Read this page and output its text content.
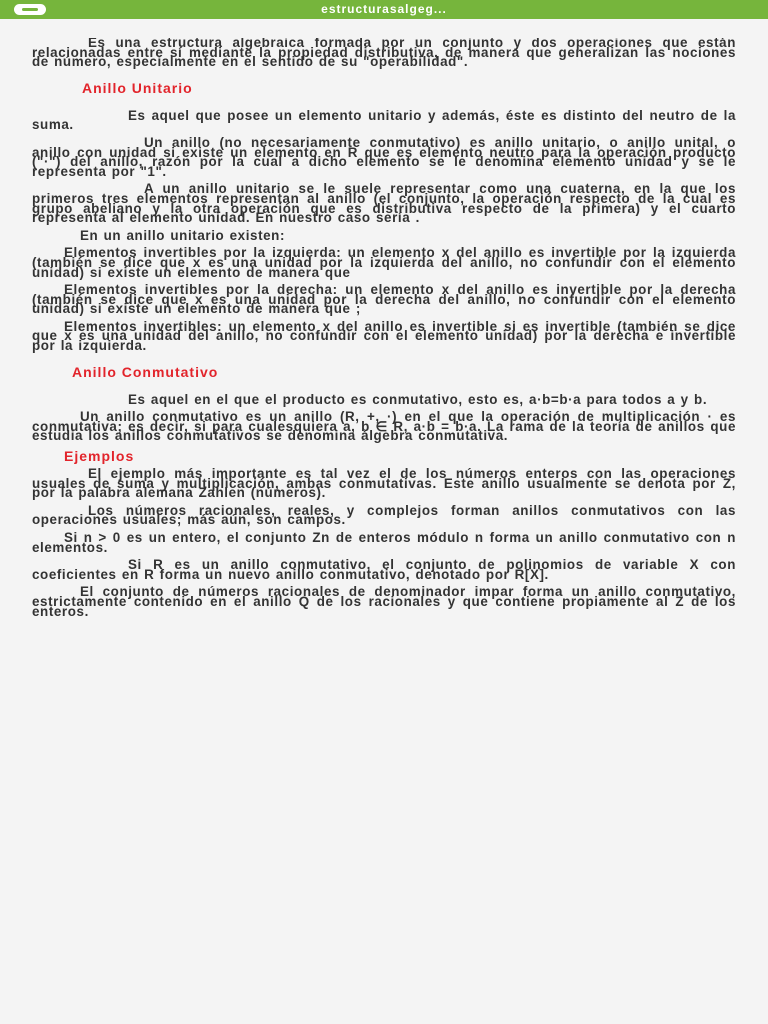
estructurasalgeg...

Es una estructura algebraica formada por un conjunto y dos operaciones que están relacionadas entre sí mediante la propiedad distributiva, de manera que generalizan las nociones de número, especialmente en el sentido de su "operabilidad".

Anillo Unitario

Es aquel que posee un elemento unitario y además, éste es distinto del neutro de la suma.

Un anillo (no necesariamente conmutativo) es anillo unitario, o anillo unital, o anillo con unidad si existe un elemento en R que es elemento neutro para la operación producto ("·") del anillo, razón por la cual a dicho elemento se le denomina elemento unidad y se le representa por "1".

A un anillo unitario se le suele representar como una cuaterna, en la que los primeros tres elementos representan al anillo (el conjunto, la operación respecto de la cual es grupo abeliano y la otra operación que es distributiva respecto de la primera) y el cuarto representa al elemento unidad. En nuestro caso sería .

En un anillo unitario existen:

Elementos invertibles por la izquierda: un elemento x del anillo es invertible por la izquierda (también se dice que x es una unidad por la izquierda del anillo, no confundir con el elemento unidad) si existe un elemento de manera que

Elementos invertibles por la derecha: un elemento x del anillo es invertible por la derecha (también se dice que x es una unidad por la derecha del anillo, no confundir con el elemento unidad) si existe un elemento de manera que ;

Elementos invertibles: un elemento x del anillo es invertible si es invertible (también se dice que x es una unidad del anillo, no confundir con el elemento unidad) por la derecha e invertible por la izquierda.

Anillo Conmutativo

Es aquel en el que el producto es conmutativo, esto es, a·b=b·a para todos a y b.

Un anillo conmutativo es un anillo (R, +, ·) en el que la operación de multiplicación · es conmutativa; es decir, si para cualesquiera a, b ∈ R, a·b = b·a. La rama de la teoría de anillos que estudia los anillos conmutativos se denomina álgebra conmutativa.

Ejemplos

El ejemplo más importante es tal vez el de los números enteros con las operaciones usuales de suma y multiplicación, ambas conmutativas. Este anillo usualmente se denota por Z, por la palabra alemana Zahlen (números).

Los números racionales, reales, y complejos forman anillos conmutativos con las operaciones usuales; más aún, son campos.

Si n > 0 es un entero, el conjunto Zn de enteros módulo n forma un anillo conmutativo con n elementos.

Si R es un anillo conmutativo, el conjunto de polinomios de variable X con coeficientes en R forma un nuevo anillo conmutativo, denotado por R[X].

El conjunto de números racionales de denominador impar forma un anillo conmutativo, estrictamente contenido en el anillo Q de los racionales y que contiene propiamente al Z de los enteros.
